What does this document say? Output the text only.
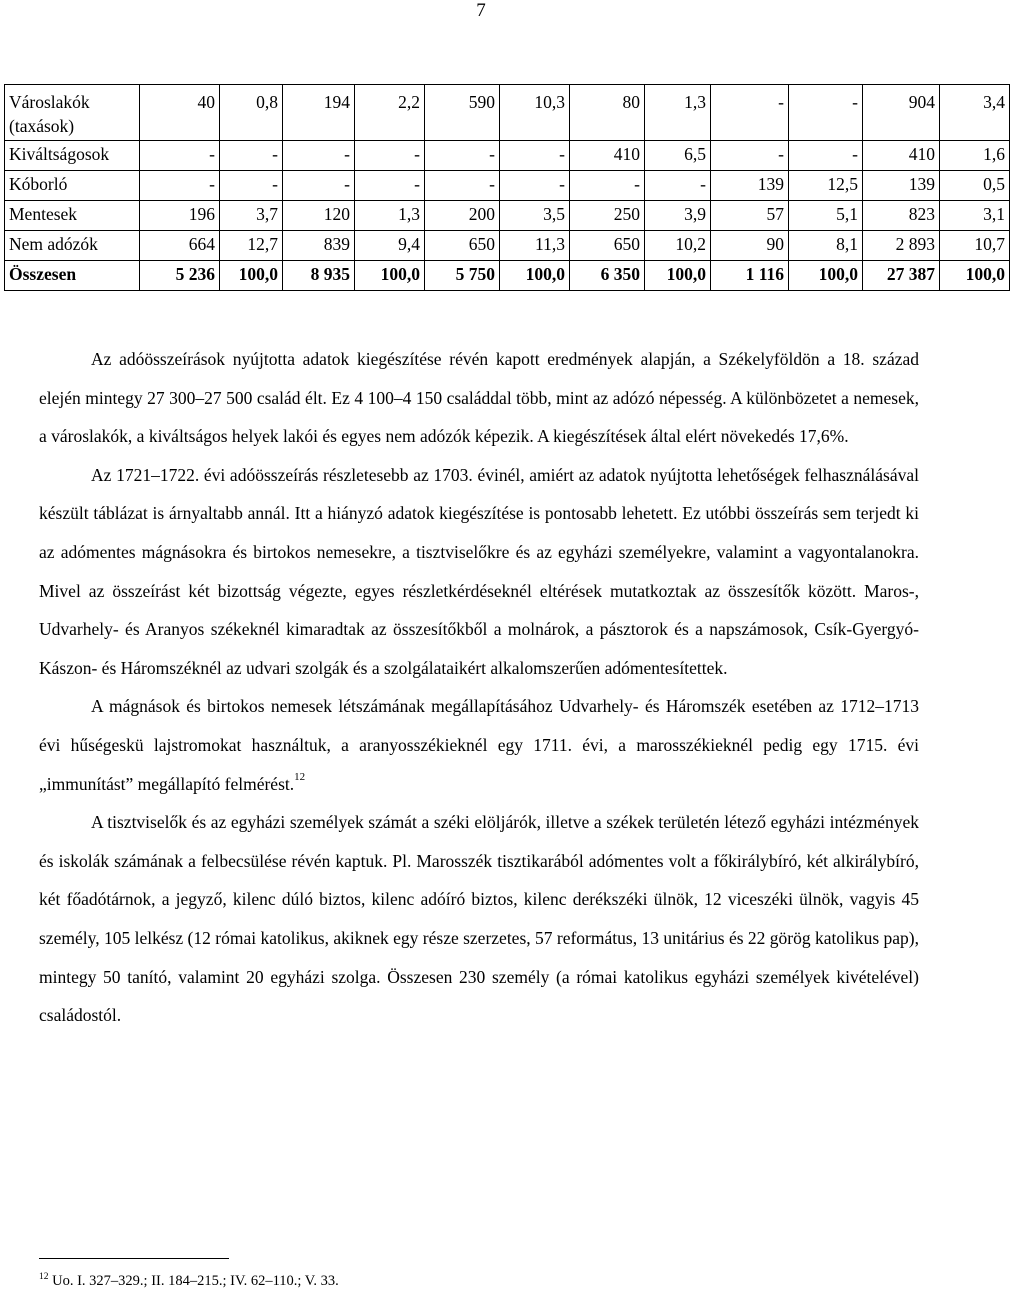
7
Városlakók (taxások)	40	0,8	194	2,2	590	10,3	80	1,3	-	-	904	3,4
Kiváltságosok	-	-	-	-	-	-	410	6,5	-	-	410	1,6
Kóborló	-	-	-	-	-	-	-	-	139	12,5	139	0,5
Mentesek	196	3,7	120	1,3	200	3,5	250	3,9	57	5,1	823	3,1
Nem adózók	664	12,7	839	9,4	650	11,3	650	10,2	90	8,1	2 893	10,7
Összesen	5 236	100,0	8 935	100,0	5 750	100,0	6 350	100,0	1 116	100,0	27 387	100,0

Az adóösszeírások nyújtotta adatok kiegészítése révén kapott eredmények alapján, a Székelyföldön a 18. század elején mintegy 27 300–27 500 család élt. Ez 4 100–4 150 családdal több, mint az adózó népesség. A különbözetet a nemesek, a városlakók, a kiváltságos helyek lakói és egyes nem adózók képezik. A kiegészítések által elért növekedés 17,6%.

Az 1721–1722. évi adóösszeírás részletesebb az 1703. évinél, amiért az adatok nyújtotta lehetőségek felhasználásával készült táblázat is árnyaltabb annál. Itt a hiányzó adatok kiegészítése is pontosabb lehetett. Ez utóbbi összeírás sem terjedt ki az adómentes mágnásokra és birtokos nemesekre, a tisztviselőkre és az egyházi személyekre, valamint a vagyontalanokra. Mivel az összeírást két bizottság végezte, egyes részletkérdéseknél eltérések mutatkoztak az összesítők között. Maros-, Udvarhely- és Aranyos székeknél kimaradtak az összesítőkből a molnárok, a pásztorok és a napszámosok, Csík-Gyergyó-Kászon- és Háromszéknél az udvari szolgák és a szolgálataikért alkalomszerűen adómentesítettek.

A mágnások és birtokos nemesek létszámának megállapításához Udvarhely- és Háromszék esetében az 1712–1713 évi hűségeskü lajstromokat használtuk, a aranyosszékieknél egy 1711. évi, a marosszékieknél pedig egy 1715. évi „immunítást” megállapító felmérést.$^{12}$

A tisztviselők és az egyházi személyek számát a széki elöljárók, illetve a székek területén létező egyházi intézmények és iskolák számának a felbecsülése révén kaptuk. Pl. Marosszék tisztikarából adómentes volt a főkirálybíró, két alkirálybíró, két főadótárnok, a jegyző, kilenc dúló biztos, kilenc adóíró biztos, kilenc derékszéki ülnök, 12 viceszéki ülnök, vagyis 45 személy, 105 lelkész (12 római katolikus, akiknek egy része szerzetes, 57 református, 13 unitárius és 22 görög katolikus pap), mintegy 50 tanító, valamint 20 egyházi szolga. Összesen 230 személy (a római katolikus egyházi személyek kivételével) családostól.

$^{12}$ Uo. I. 327–329.; II. 184–215.; IV. 62–110.; V. 33.
